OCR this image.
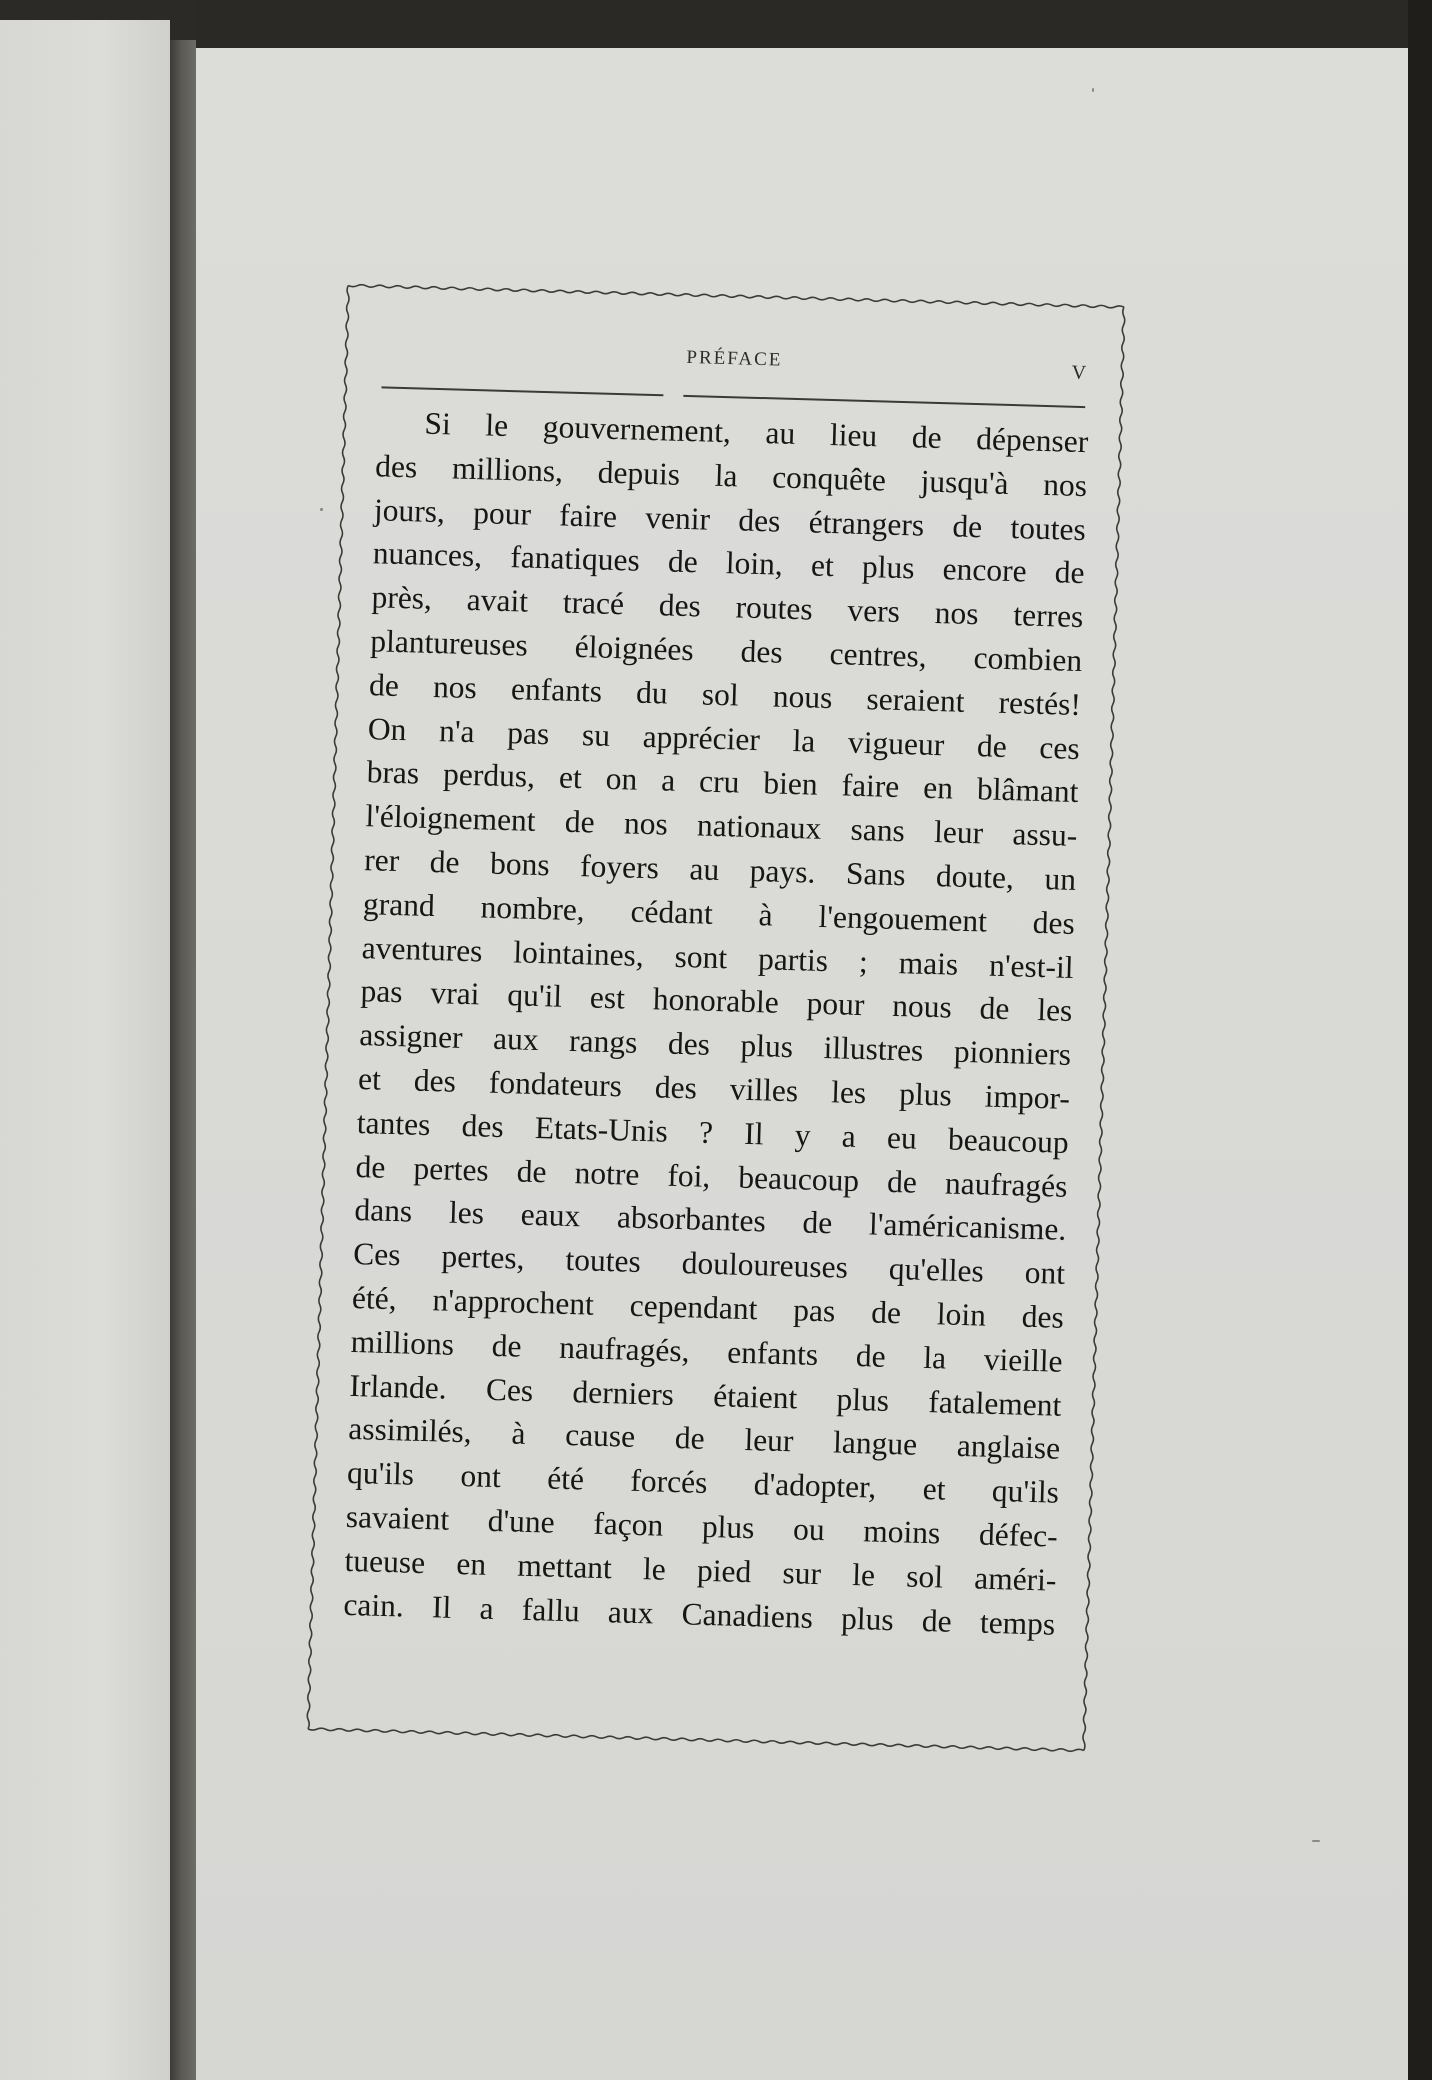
PRÉFACE
V
Si le gouvernement, au lieu de dépenser
des millions, depuis la conquête jusqu'à nos
jours, pour faire venir des étrangers de toutes
nuances, fanatiques de loin, et plus encore de
près, avait tracé des routes vers nos terres
plantureuses éloignées des centres, combien
de nos enfants du sol nous seraient restés!
On n'a pas su apprécier la vigueur de ces
bras perdus, et on a cru bien faire en blâmant
l'éloignement de nos nationaux sans leur assu-
rer de bons foyers au pays. Sans doute, un
grand nombre, cédant à l'engouement des
aventures lointaines, sont partis ; mais n'est-il
pas vrai qu'il est honorable pour nous de les
assigner aux rangs des plus illustres pionniers
et des fondateurs des villes les plus impor-
tantes des Etats-Unis ? Il y a eu beaucoup
de pertes de notre foi, beaucoup de naufragés
dans les eaux absorbantes de l'américanisme.
Ces pertes, toutes douloureuses qu'elles ont
été, n'approchent cependant pas de loin des
millions de naufragés, enfants de la vieille
Irlande. Ces derniers étaient plus fatalement
assimilés, à cause de leur langue anglaise
qu'ils ont été forcés d'adopter, et qu'ils
savaient d'une façon plus ou moins défec-
tueuse en mettant le pied sur le sol améri-
cain. Il a fallu aux Canadiens plus de temps
